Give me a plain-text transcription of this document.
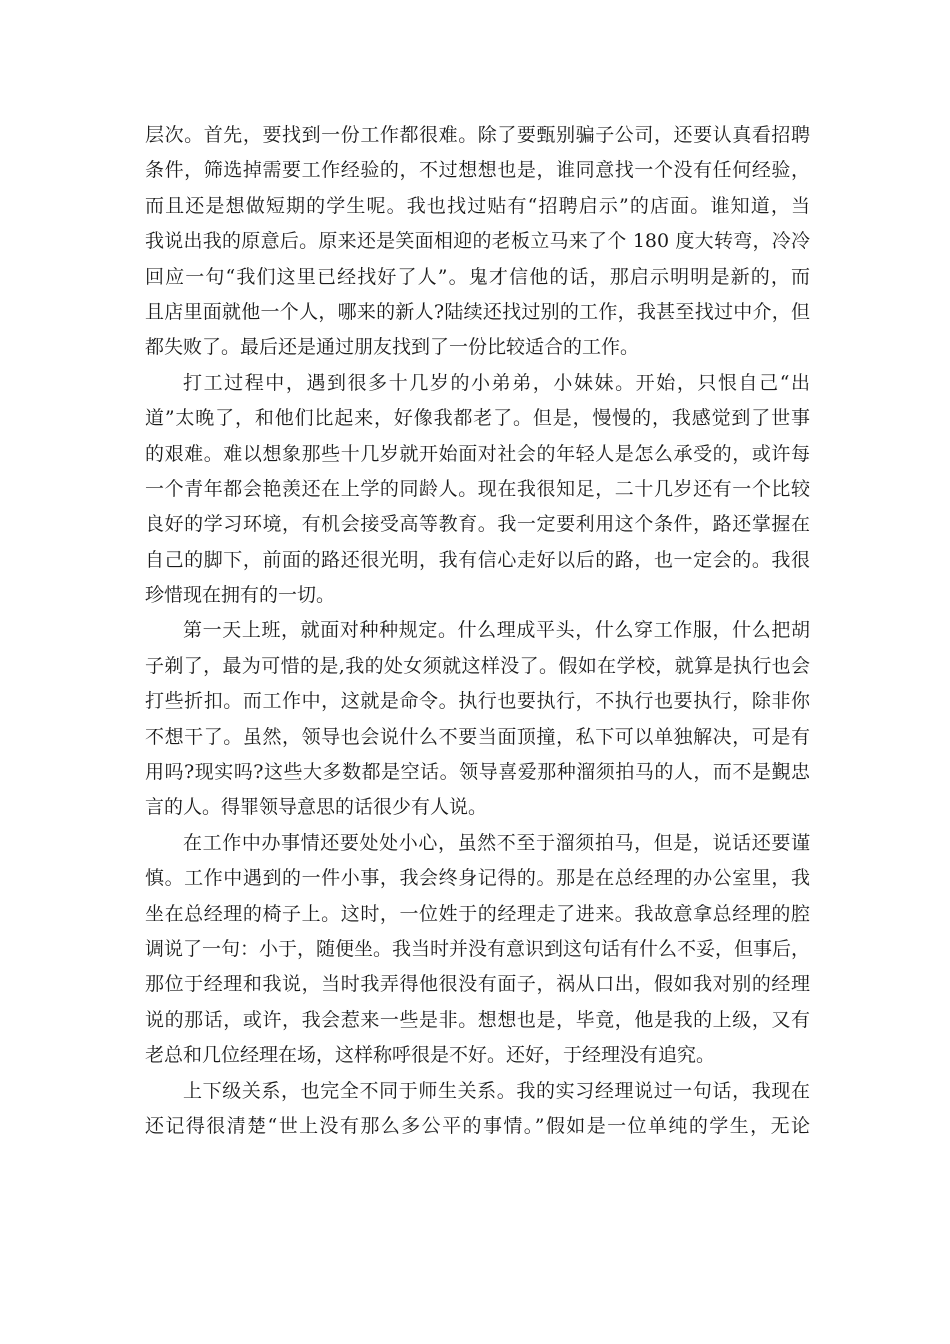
层次。首先，要找到一份工作都很难。除了要甄别骗子公司，还要认真看招聘
条件，筛选掉需要工作经验的，不过想想也是，谁同意找一个没有任何经验，
而且还是想做短期的学生呢。我也找过贴有“招聘启示”的店面。谁知道，当
我说出我的原意后。原来还是笑面相迎的老板立马来了个 180 度大转弯，冷冷
回应一句“我们这里已经找好了人”。鬼才信他的话，那启示明明是新的，而
且店里面就他一个人，哪来的新人?陆续还找过别的工作，我甚至找过中介，但
都失败了。最后还是通过朋友找到了一份比较适合的工作。
打工过程中，遇到很多十几岁的小弟弟，小妹妹。开始，只恨自己“出
道”太晚了，和他们比起来，好像我都老了。但是，慢慢的，我感觉到了世事
的艰难。难以想象那些十几岁就开始面对社会的年轻人是怎么承受的，或许每
一个青年都会艳羡还在上学的同龄人。现在我很知足，二十几岁还有一个比较
良好的学习环境，有机会接受高等教育。我一定要利用这个条件，路还掌握在
自己的脚下，前面的路还很光明，我有信心走好以后的路，也一定会的。我很
珍惜现在拥有的一切。
第一天上班，就面对种种规定。什么理成平头，什么穿工作服，什么把胡
子剃了，最为可惜的是,我的处女须就这样没了。假如在学校，就算是执行也会
打些折扣。而工作中，这就是命令。执行也要执行，不执行也要执行，除非你
不想干了。虽然，领导也会说什么不要当面顶撞，私下可以单独解决，可是有
用吗?现实吗?这些大多数都是空话。领导喜爱那种溜须拍马的人，而不是覲忠
言的人。得罪领导意思的话很少有人说。
在工作中办事情还要处处小心，虽然不至于溜须拍马，但是，说话还要谨
慎。工作中遇到的一件小事，我会终身记得的。那是在总经理的办公室里，我
坐在总经理的椅子上。这时，一位姓于的经理走了进来。我故意拿总经理的腔
调说了一句：小于，随便坐。我当时并没有意识到这句话有什么不妥，但事后，
那位于经理和我说，当时我弄得他很没有面子，祸从口出，假如我对别的经理
说的那话，或许，我会惹来一些是非。想想也是，毕竟，他是我的上级，又有
老总和几位经理在场，这样称呼很是不好。还好，于经理没有追究。
上下级关系，也完全不同于师生关系。我的实习经理说过一句话，我现在
还记得很清楚“世上没有那么多公平的事情。”假如是一位单纯的学生，无论
